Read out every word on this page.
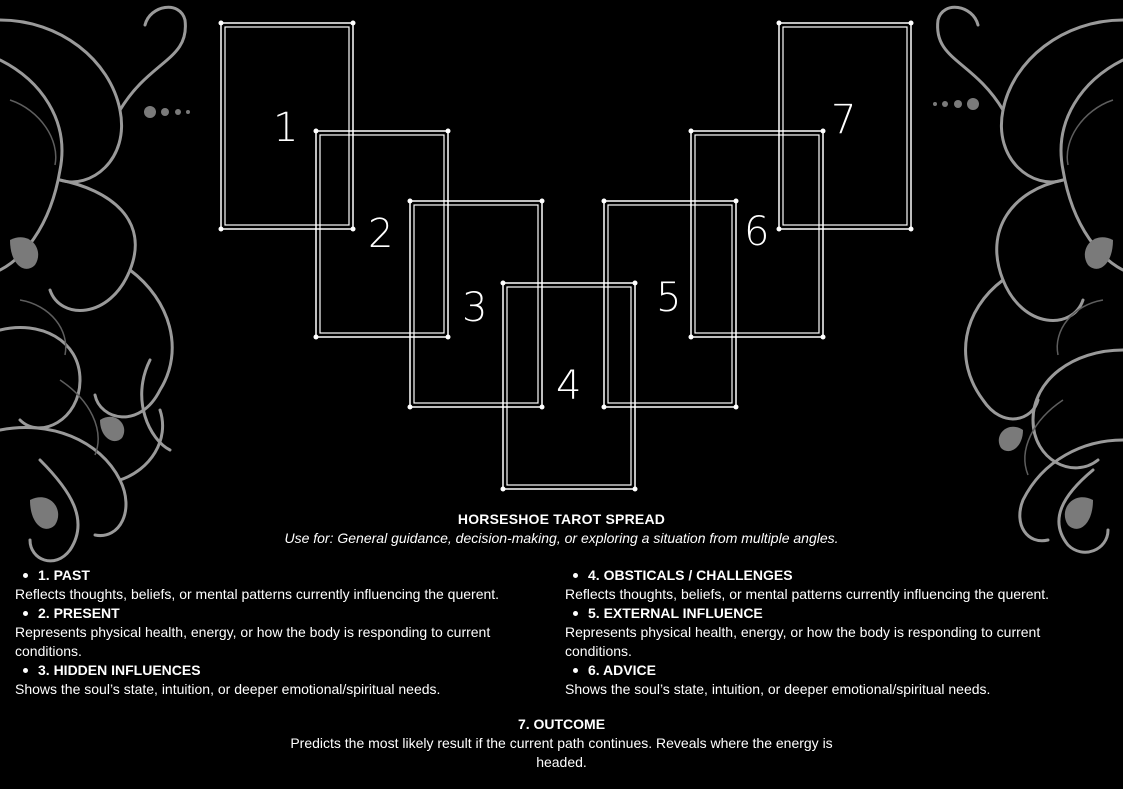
1
2
3
4
5
6
7
HORSESHOE TAROT SPREAD
Use for: General guidance, decision-making, or exploring a situation from multiple angles.
1. PAST

Reflects thoughts, beliefs, or mental patterns currently influencing the querent.

2. PRESENT

Represents physical health, energy, or how the body is responding to current conditions.

3. HIDDEN INFLUENCES

Shows the soul’s state, intuition, or deeper emotional/spiritual needs.

4. OBSTICALS / CHALLENGES

Reflects thoughts, beliefs, or mental patterns currently influencing the querent.

5. EXTERNAL INFLUENCE

Represents physical health, energy, or how the body is responding to current conditions.

6. ADVICE

Shows the soul’s state, intuition, or deeper emotional/spiritual needs.

7. OUTCOME
Predicts the most likely result if the current path continues. Reveals where the energy is headed.
